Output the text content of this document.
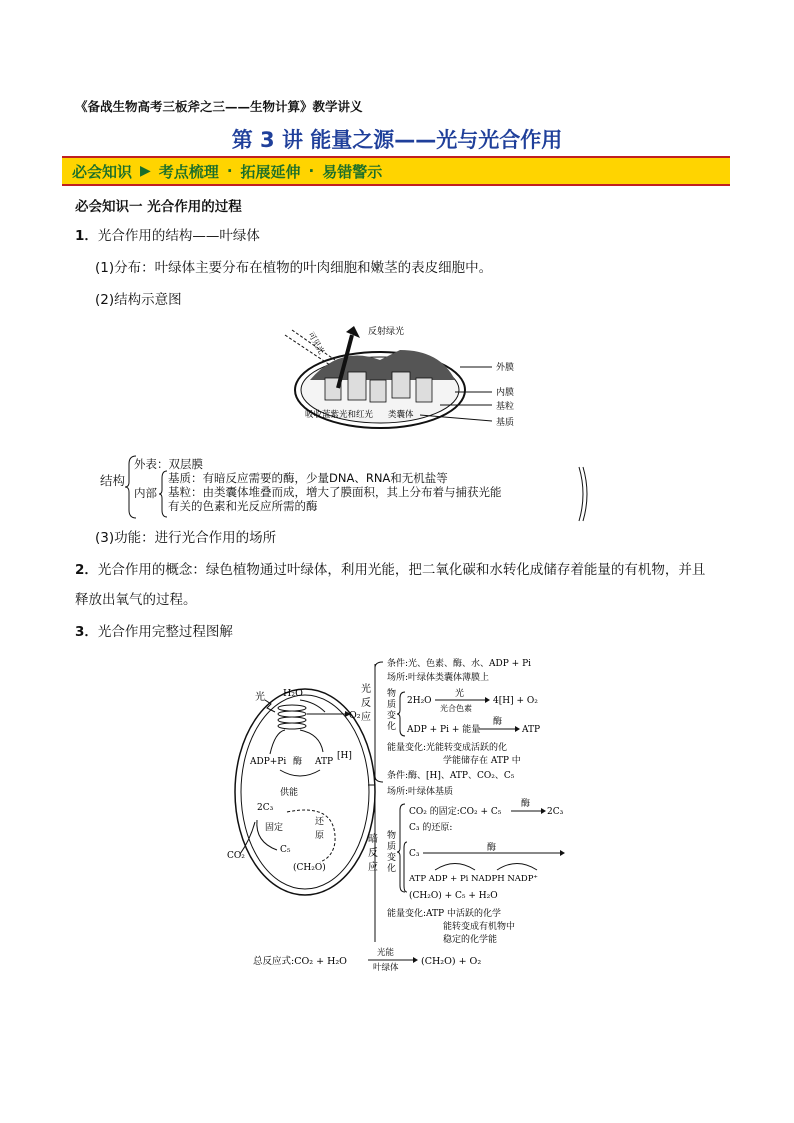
《备战生物高考三板斧之三——生物计算》教学讲义
第 3 讲 能量之源——光与光合作用
必会知识 ▶ 考点梳理 · 拓展延伸 · 易错警示
必会知识一 光合作用的过程
1．光合作用的结构——叶绿体
(1)分布：叶绿体主要分布在植物的叶肉细胞和嫩茎的表皮细胞中。
(2)结构示意图
可见光	反射绿光
外膜
内膜
基粒
基质
吸收蓝紫光和红光 类囊体
结构
外表：双层膜
内部
基质：有暗反应需要的酶，少量DNA、RNA和无机盐等
基粒：由类囊体堆叠而成，增大了膜面积，其上分布着与捕获光能
有关的色素和光反应所需的酶
(3)功能：进行光合作用的场所
2．光合作用的概念：绿色植物通过叶绿体，利用光能，把二氧化碳和水转化成储存着能量的有机物，并且
释放出氧气的过程。
3．光合作用完整过程图解
光 H₂O
O₂
ADP+Pi 酶 ATP
[H]
供能
2C₃
固定
还
原
CO₂
C₅
(CH₂O)
光
反
应
暗
反
应
条件:光、色素、酶、水、ADP + Pi
场所:叶绿体类囊体薄膜上
物
质
变
化
2H₂O
光
光合色素
4[H] + O₂
ADP + Pi + 能量
酶
ATP
能量变化:光能转变成活跃的化
学能储存在 ATP 中
条件:酶、[H]、ATP、CO₂、C₅
场所:叶绿体基质
物
质
变
化
CO₂ 的固定:CO₂ + C₅
酶
2C₃
C₃ 的还原:
C₃
酶
ATP ADP + Pi NADPH NADP⁺
(CH₂O) + C₅ + H₂O
能量变化:ATP 中活跃的化学
能转变成有机物中
稳定的化学能
总反应式:CO₂ + H₂O
光能
叶绿体
(CH₂O) + O₂
